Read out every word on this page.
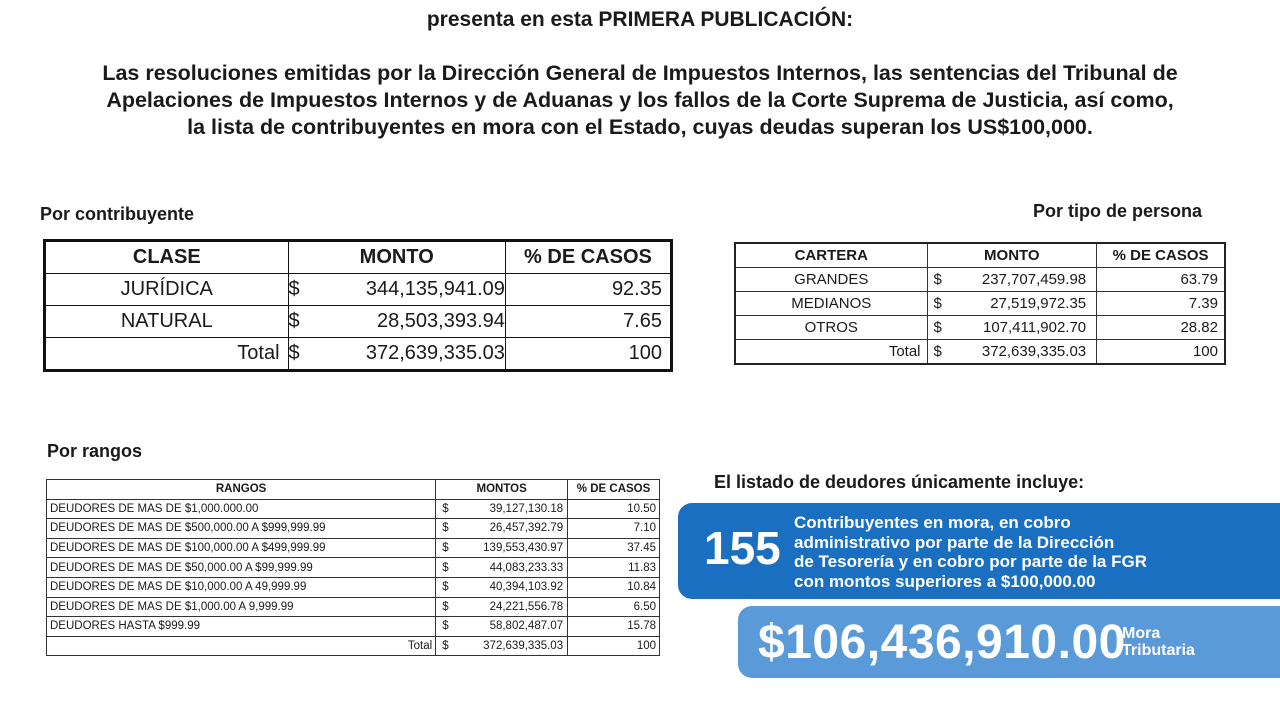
presenta en esta PRIMERA PUBLICACIÓN:
Las resoluciones emitidas por la Dirección General de Impuestos Internos, las sentencias del Tribunal de
Apelaciones de Impuestos Internos y de Aduanas y los fallos de la Corte Suprema de Justicia, así como,
la lista de contribuyentes en mora con el Estado, cuyas deudas superan los US$100,000.
Por contribuyente
CLASE	MONTO	% DE CASOS
JURÍDICA	$ 344,135,941.09	92.35
NATURAL	$ 28,503,393.94	7.65
Total	$ 372,639,335.03	100
Por tipo de persona
CARTERA	MONTO	% DE CASOS
GRANDES	$ 237,707,459.98	63.79
MEDIANOS	$ 27,519,972.35	7.39
OTROS	$ 107,411,902.70	28.82
Total	$ 372,639,335.03	100
Por rangos
RANGOS	MONTOS	% DE CASOS
DEUDORES DE MAS DE $1,000.000.00	$ 39,127,130.18	10.50
DEUDORES DE MAS DE $500,000.00 A $999,999.99	$ 26,457,392.79	7.10
DEUDORES DE MAS DE $100,000.00 A $499,999.99	$ 139,553,430.97	37.45
DEUDORES DE MAS DE $50,000.00 A $99,999.99	$ 44,083,233.33	11.83
DEUDORES DE MAS DE $10,000.00 A 49,999.99	$ 40,394,103.92	10.84
DEUDORES DE MAS DE $1,000.00 A 9,999.99	$ 24,221,556.78	6.50
DEUDORES HASTA $999.99	$ 58,802,487.07	15.78
Total	$ 372,639,335.03	100
El listado de deudores únicamente incluye:
155 Contribuyentes en mora, en cobro
administrativo por parte de la Dirección
de Tesorería y en cobro por parte de la FGR
con montos superiores a $100,000.00
$106,436,910.00
Mora
Tributaria
